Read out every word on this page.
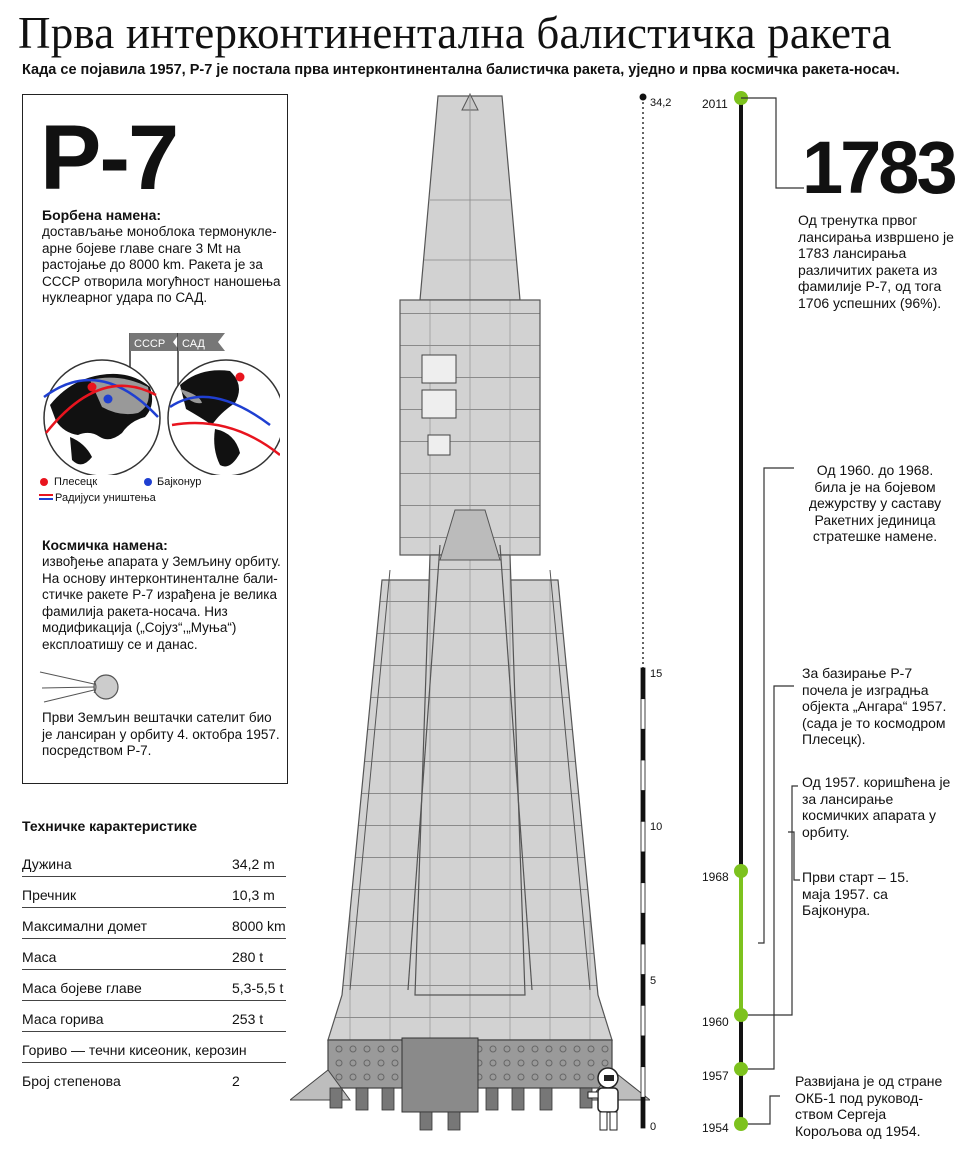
Прва интерконтинентална балистичка ракета
Када се појавила 1957, Р-7 је постала прва интерконтинентална балистичка ракета, уједно и прва космичка ракета-носач.
Р-7
Борбена намена:
достављање моноблока термонукле-арне бојеве главе снаге 3 Mt на растојање до 8000 km. Ракета је за СССР отворила могућност наношења нуклеарног удара по САД.
СССР САД
Плесецк	Бајконур
Радијуси уништења
Космичка намена:
извођење апарата у Земљину орбиту. На основу интерконтиненталне бали-стичке ракете Р-7 израђена је велика фамилија ракета-носача. Низ модификација („Сојуз“,„Муња“) експлоатишу се и данас.
Први Земљин вештачки сателит био је лансиран у орбиту 4. октобра 1957. посредством Р-7.
Техничке карактеристике
Дужина	34,2 m
Пречник	10,3 m
Максимални домет	8000 km
Маса	280 t
Маса бојеве главе	5,3-5,5 t
Маса горива	253 t
Гориво — течни кисеоник, керозин
Број степенова	2
34,2
15
10
5
0
1783
Од тренутка првог лансирања извршено је 1783 лансирања различитих ракета из фамилије Р-7, од тога 1706 успешних (96%).
2011
1968
1960
1957
1954
Од 1960. до 1968. била је на бојевом дежурству у саставу Ракетних јединица стратешке намене.
За базирање Р-7 почела је изградња објекта „Ангара“ 1957. (сада је то космодром Плесецк).
Од 1957. коришћена је за лансирање космичких апарата у орбиту.
Први старт – 15. маја 1957. са Бајконура.
Развијана је од стране ОКБ-1 под руковод-ством Сергеја Корољова од 1954.
